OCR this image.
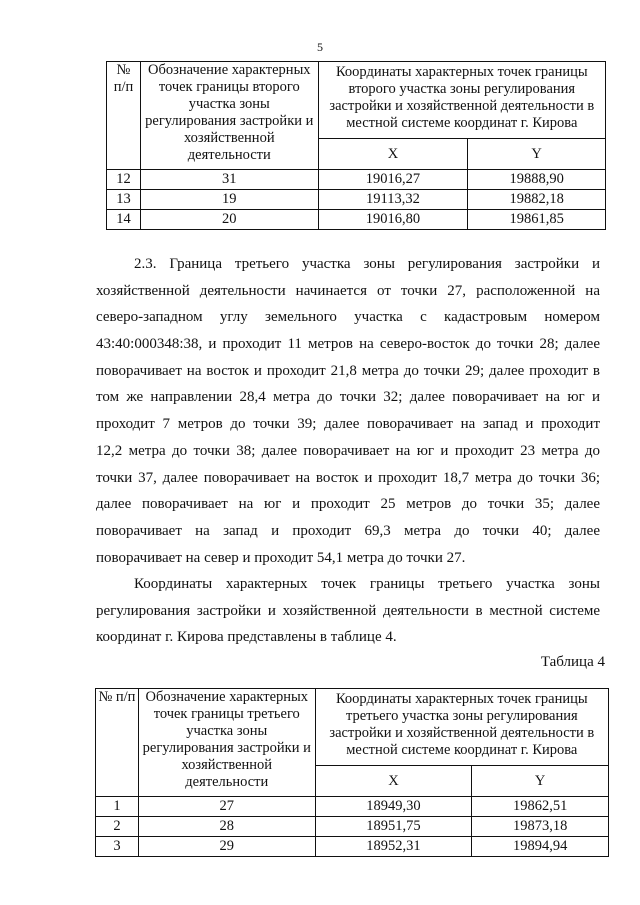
5
№ п/п	Обозначение характерных точек границы второго участка зоны регулирования застройки и хозяйственной деятельности	Координаты характерных точек границы второго участка зоны регулирования застройки и хозяйственной деятельности в местной системе координат г. Кирова	
		X	Y
12	31	19016,27	19888,90
13	19	19113,32	19882,18
14	20	19016,80	19861,85
2.3. Граница третьего участка зоны регулирования застройки и
хозяйственной деятельности начинается от точки 27, расположенной на
северо-западном углу земельного участка с кадастровым номером
43:40:000348:38, и проходит 11 метров на северо-восток до точки 28; далее
поворачивает на восток и проходит 21,8 метра до точки 29; далее проходит в
том же направлении 28,4 метра до точки 32; далее поворачивает на юг и
проходит 7 метров до точки 39; далее поворачивает на запад и проходит
12,2 метра до точки 38; далее поворачивает на юг и проходит 23 метра до
точки 37, далее поворачивает на восток и проходит 18,7 метра до точки 36;
далее поворачивает на юг и проходит 25 метров до точки 35; далее
поворачивает на запад и проходит 69,3 метра до точки 40; далее
поворачивает на север и проходит 54,1 метра до точки 27.
Координаты характерных точек границы третьего участка зоны
регулирования застройки и хозяйственной деятельности в местной системе
координат г. Кирова представлены в таблице 4.
Таблица 4
№ п/п	Обозначение характерных точек границы третьего участка зоны регулирования застройки и хозяйственной деятельности	Координаты характерных точек границы третьего участка зоны регулирования застройки и хозяйственной деятельности в местной системе координат г. Кирова	
		X	Y
1	27	18949,30	19862,51
2	28	18951,75	19873,18
3	29	18952,31	19894,94
